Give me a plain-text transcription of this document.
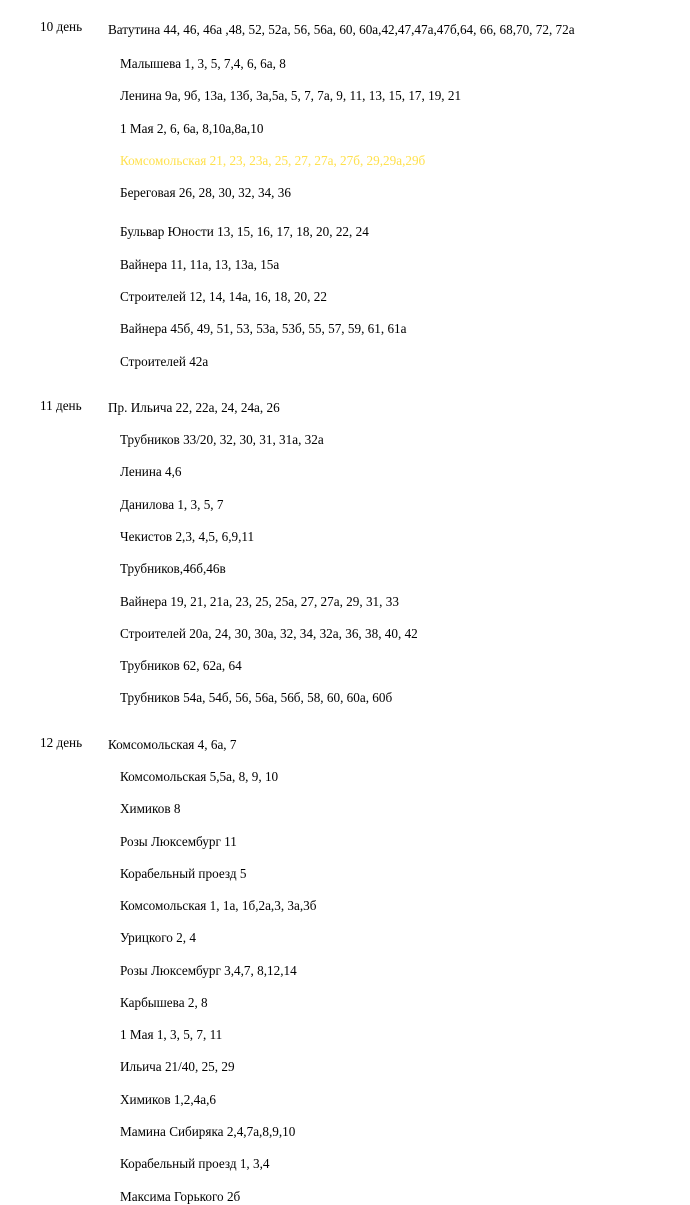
10 день	Ватутина 44, 46, 46а ,48, 52, 52а, 56, 56а, 60, 60а,42,47,47а,47б,64, 66, 68,70, 72, 72а
Малышева 1, 3, 5, 7,4, 6, 6а, 8
Ленина 9а, 9б, 13а, 13б, 3а,5а, 5, 7, 7а, 9, 11, 13, 15, 17, 19, 21
1 Мая 2, 6, 6а, 8,10а,8а,10
Комсомольская 21, 23, 23а, 25, 27, 27а, 27б, 29,29а,29б
Береговая 26, 28, 30, 32, 34, 36
Бульвар Юности 13, 15, 16, 17, 18, 20, 22, 24
Вайнера 11, 11а, 13, 13а, 15а
Строителей 12, 14, 14а, 16, 18, 20, 22
Вайнера 45б, 49, 51, 53, 53а, 53б, 55, 57, 59, 61, 61а
Строителей 42а
11 день	Пр. Ильича 22, 22а, 24, 24а, 26
Трубников 33/20, 32, 30, 31, 31а, 32а
Ленина 4,6
Данилова 1, 3, 5, 7
Чекистов 2,3, 4,5, 6,9,11
Трубников,46б,46в
Вайнера 19, 21, 21а, 23, 25, 25а, 27, 27а, 29, 31, 33
Строителей 20а, 24, 30, 30а, 32, 34, 32а, 36, 38, 40, 42
Трубников 62, 62а, 64
Трубников 54а, 54б, 56, 56а, 56б, 58, 60, 60а, 60б
12 день	Комсомольская 4, 6а, 7
Комсомольская 5,5а, 8, 9, 10
Химиков 8
Розы Люксембург 11
Корабельный проезд 5
Комсомольская 1, 1а, 1б,2а,3, 3а,3б
Урицкого 2, 4
Розы Люксембург 3,4,7, 8,12,14
Карбышева 2, 8
1 Мая 1, 3, 5, 7, 11
Ильича 21/40, 25, 29
Химиков 1,2,4а,6
Мамина Сибиряка 2,4,7а,8,9,10
Корабельный проезд 1, 3,4
Максима Горького 2б
